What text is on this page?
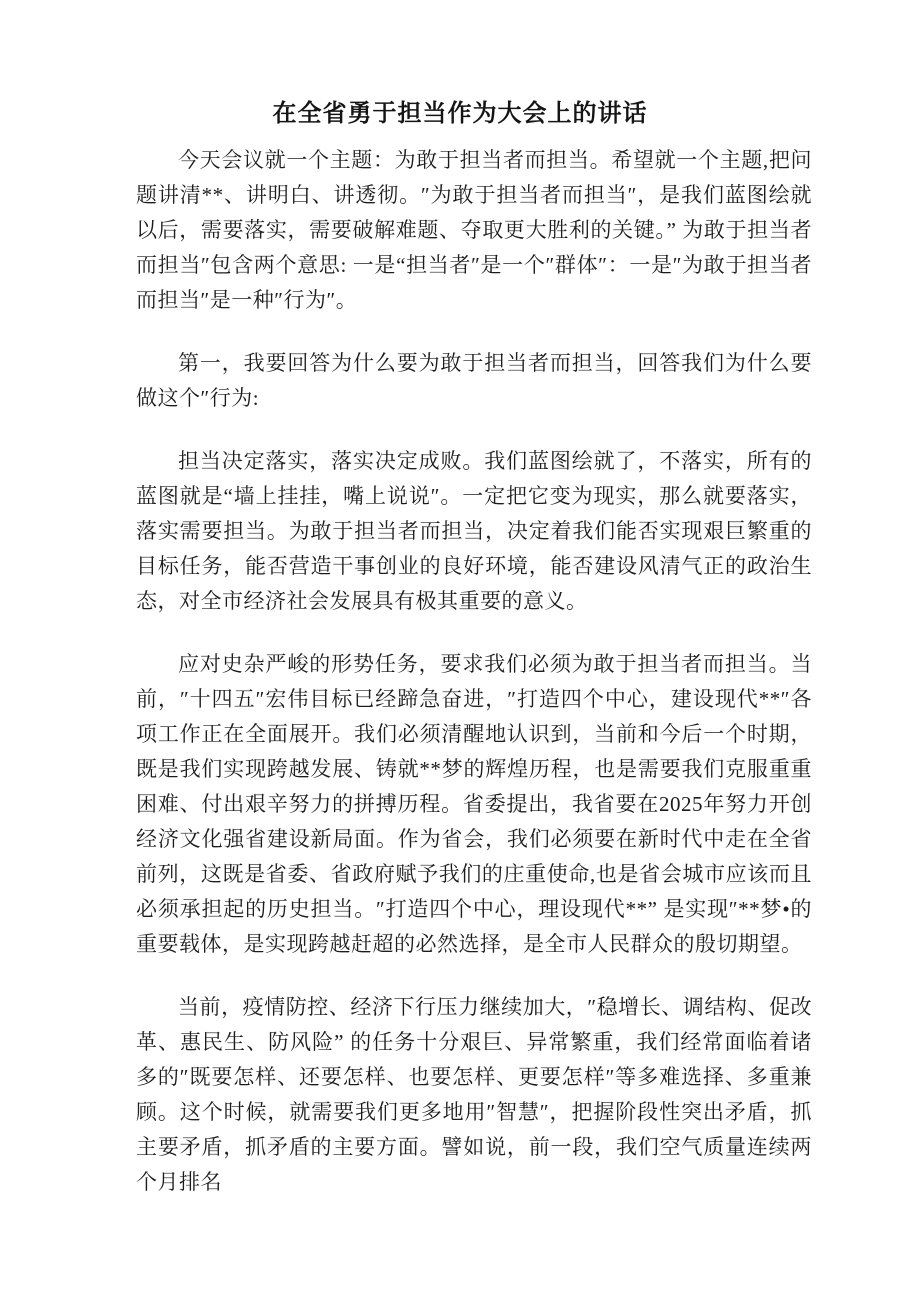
在全省勇于担当作为大会上的讲话

今天会议就一个主题：为敢于担当者而担当。希望就一个主题,把问题讲清**、讲明白、讲透彻。″为敢于担当者而担当″，是我们蓝图绘就以后，需要落实，需要破解难题、夺取更大胜利的关键。” 为敢于担当者而担当″包含两个意思: 一是“担当者″是一个″群体″：一是″为敢于担当者而担当″是一种″行为″。

第一，我要回答为什么要为敢于担当者而担当，回答我们为什么要做这个″行为:

担当决定落实，落实决定成败。我们蓝图绘就了，不落实，所有的蓝图就是“墙上挂挂，嘴上说说″。一定把它变为现实，那么就要落实，落实需要担当。为敢于担当者而担当，决定着我们能否实现艰巨繁重的目标任务，能否营造干事创业的良好环境，能否建设风清气正的政治生态，对全市经济社会发展具有极其重要的意义。

应对史杂严峻的形势任务，要求我们必须为敢于担当者而担当。当前，″十四五″宏伟目标已经蹄急奋进，″打造四个中心，建设现代**″各项工作正在全面展开。我们必须清醒地认识到，当前和今后一个时期，既是我们实现跨越发展、铸就**梦的辉煌历程，也是需要我们克服重重困难、付出艰辛努力的拼搏历程。省委提出，我省要在2025年努力开创经济文化强省建设新局面。作为省会，我们必须要在新时代中走在全省前列，这既是省委、省政府赋予我们的庄重使命,也是省会城市应该而且必须承担起的历史担当。″打造四个中心，理设现代**” 是实现″**梦•的重要载体，是实现跨越赶超的必然选择，是全市人民群众的殷切期望。

当前，疫情防控、经济下行压力继续加大，″稳增长、调结构、促改革、惠民生、防风险” 的任务十分艰巨、异常繁重，我们经常面临着诸多的″既要怎样、还要怎样、也要怎样、更要怎样″等多难选择、多重兼顾。这个时候，就需要我们更多地用″智慧″，把握阶段性突出矛盾，抓主要矛盾，抓矛盾的主要方面。譬如说，前一段，我们空气质量连续两个月排名
